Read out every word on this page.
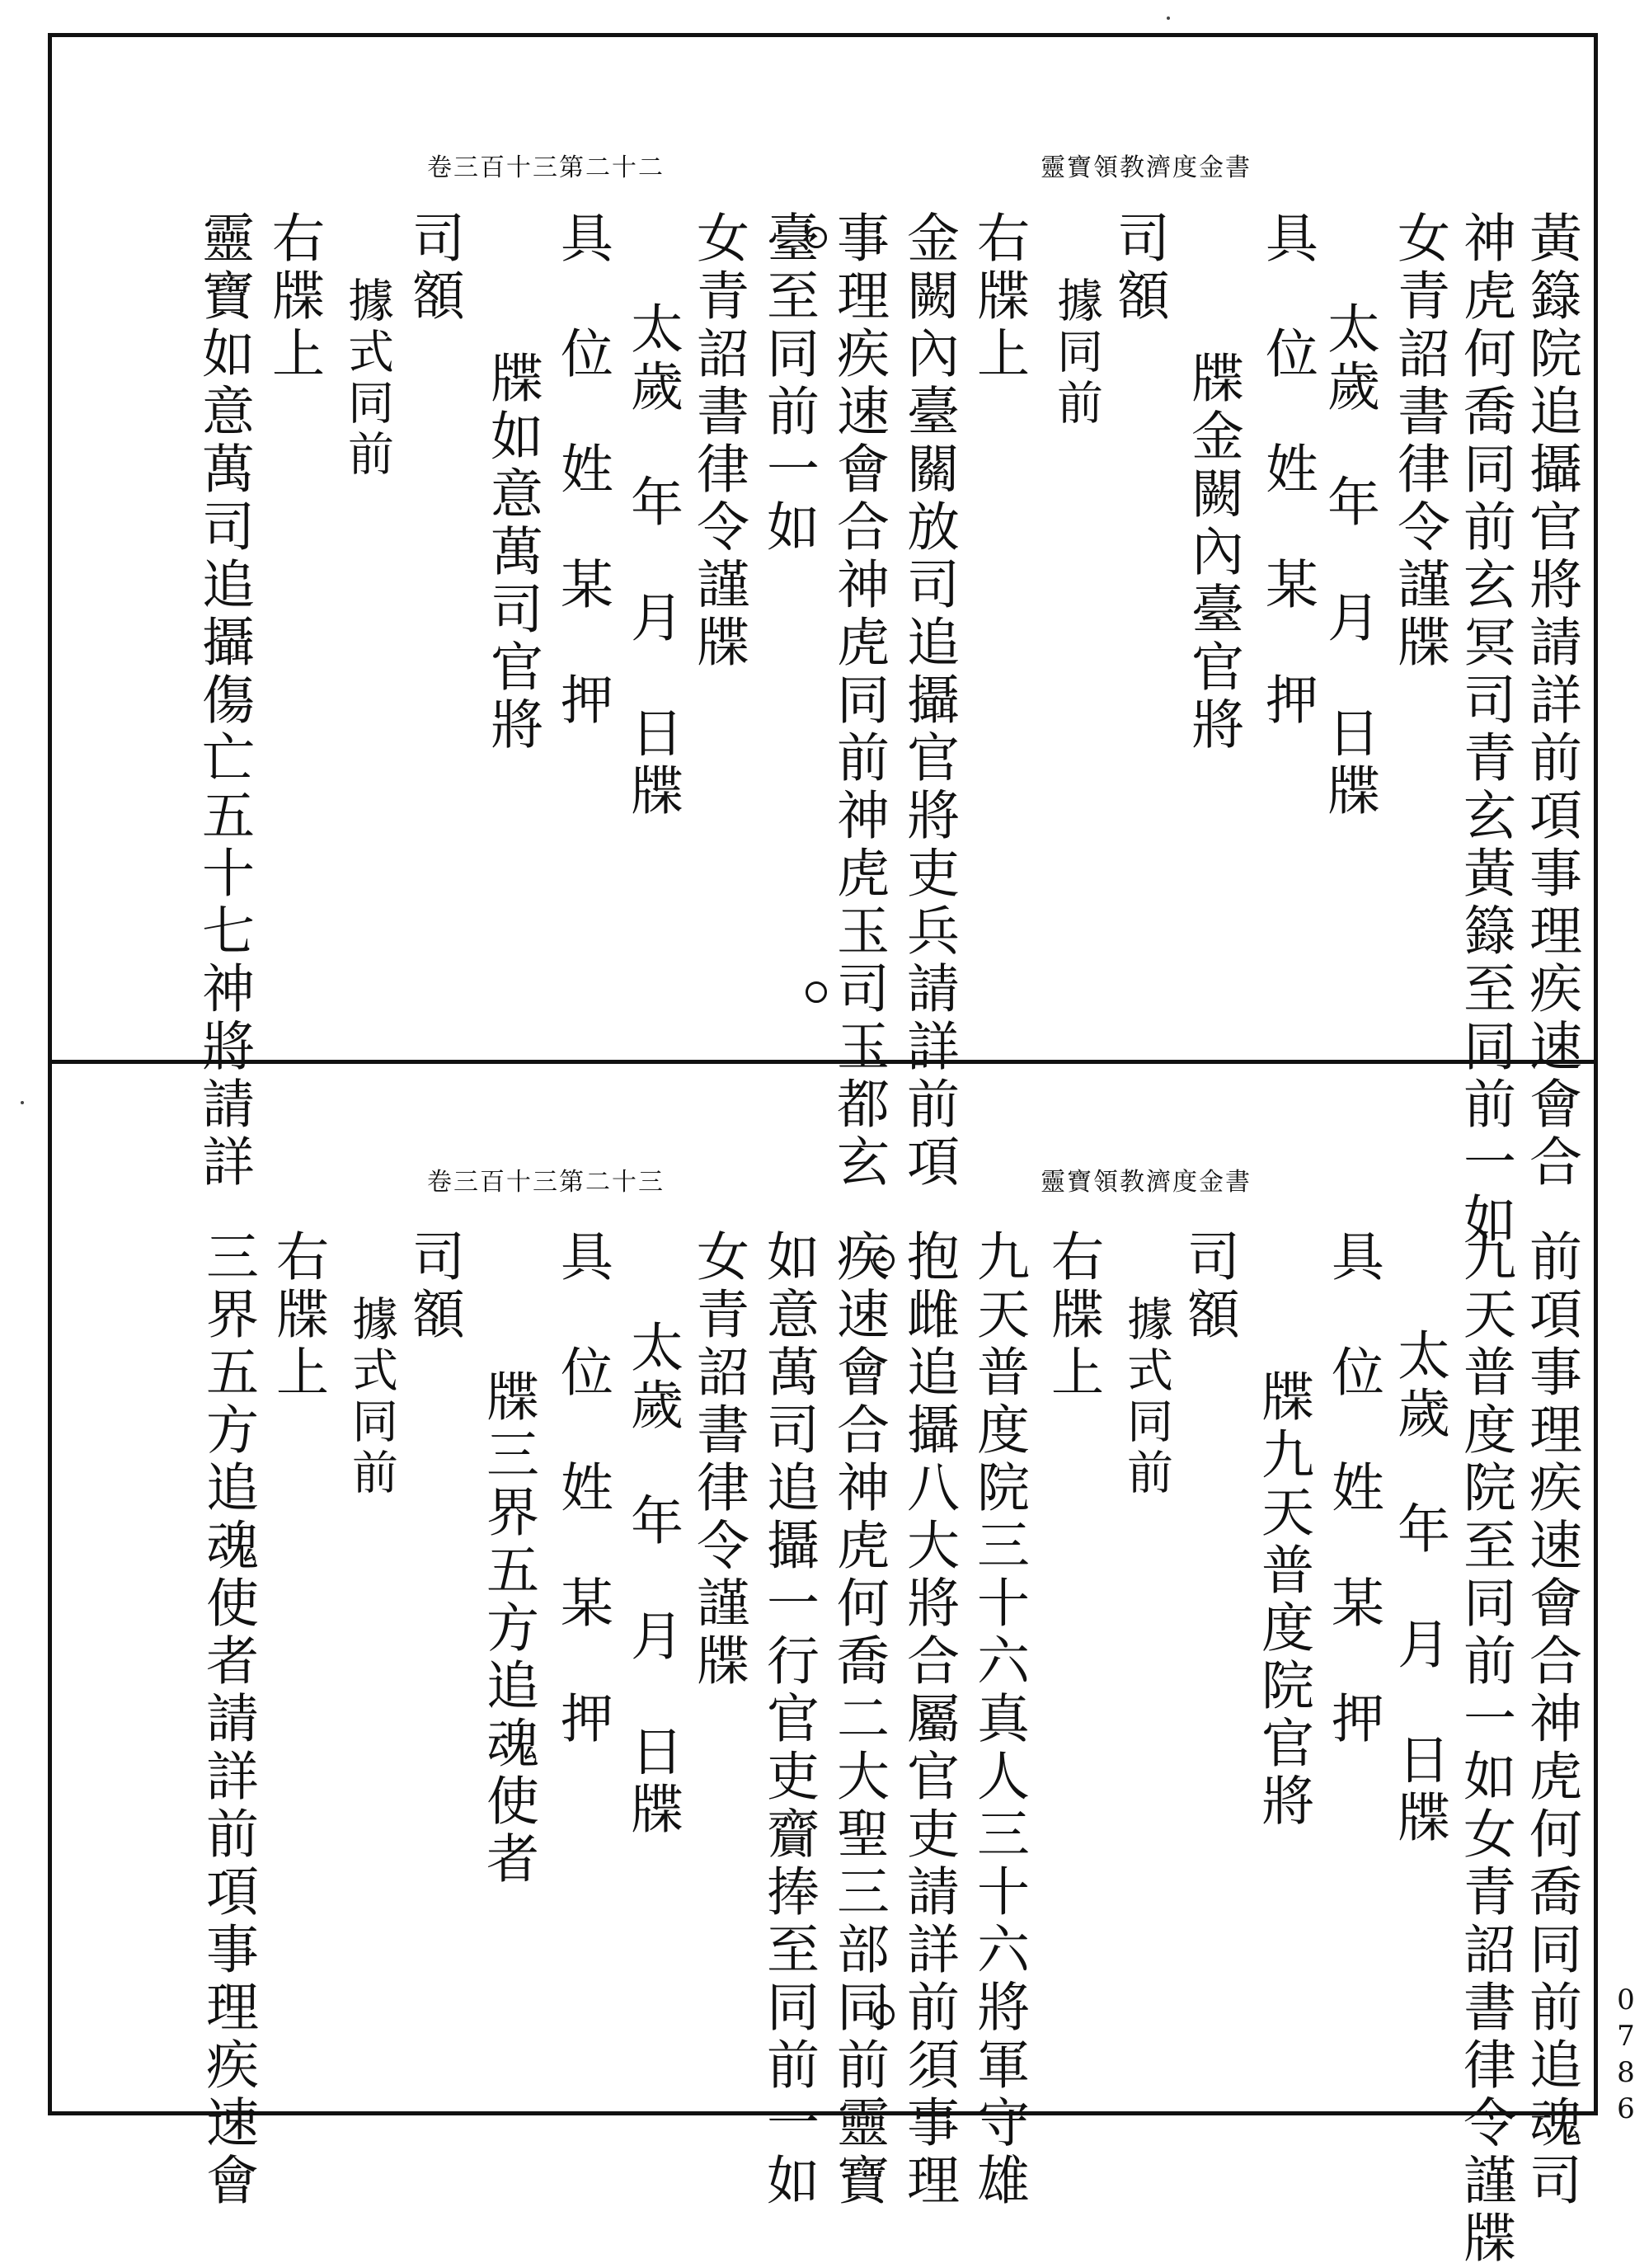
卷三百十三第二十二	靈寶領教濟度金書
黃籙院追攝官將請詳前項事理疾速會合
神虎何喬同前玄冥司青玄黃籙至同前一如
女青詔書律令謹牒
太歲　年　月　日牒
具　位　姓　某　押
牒金闕內臺官將
司額
據同前
右牒上
金闕內臺關放司追攝官將吏兵請詳前項
事理疾速會合神虎同前神虎玉司玉都玄
臺至同前一如
女青詔書律令謹牒
太歲　年　月　日牒
具　位　姓　某　押
牒如意萬司官將
司額
據式同前
右牒上
靈寶如意萬司追攝傷亡五十七神將請詳	卷三百十三第二十三	靈寶領教濟度金書
前項事理疾速會合神虎何喬同前追魂司
九天普度院至同前一如女青詔書律令謹牒
太歲　年　月　日牒
具　位　姓　某　押
牒九天普度院官將
司額
據式同前
右牒上
九天普度院三十六真人三十六將軍守雄
抱雌追攝八大將合屬官吏請詳前須事理
疾速會合神虎何喬二大聖三部同前靈寶
如意萬司追攝一行官吏齎捧至同前一如
女青詔書律令謹牒
太歲　年　月　日牒
具　位　姓　某　押
牒三界五方追魂使者
司額
據式同前
右牒上
三界五方追魂使者請詳前項事理疾速會	0786
